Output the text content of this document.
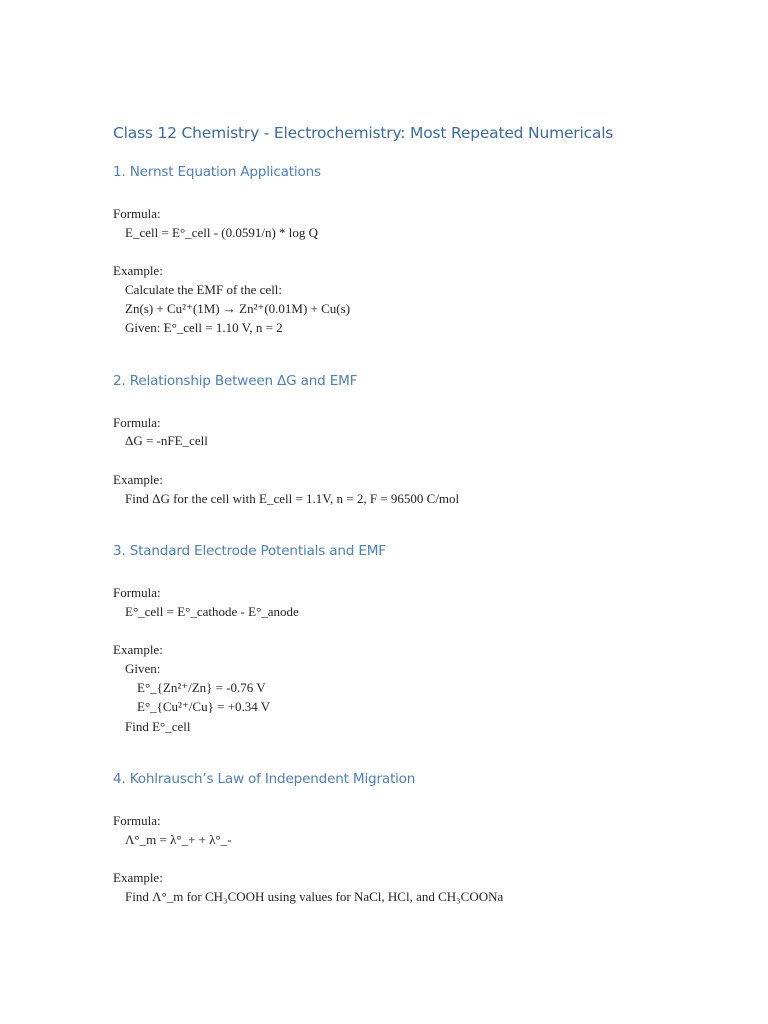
Class 12 Chemistry - Electrochemistry: Most Repeated Numericals
1. Nernst Equation Applications
Formula:
E_cell = E°_cell - (0.0591/n) * log Q
Example:
Calculate the EMF of the cell:
Zn(s) + Cu²⁺(1M) → Zn²⁺(0.01M) + Cu(s)
Given: E°_cell = 1.10 V, n = 2
2. Relationship Between ΔG and EMF
Formula:
ΔG = -nFE_cell
Example:
Find ΔG for the cell with E_cell = 1.1V, n = 2, F = 96500 C/mol
3. Standard Electrode Potentials and EMF
Formula:
E°_cell = E°_cathode - E°_anode
Example:
Given:
E°_{Zn²⁺/Zn} = -0.76 V
E°_{Cu²⁺/Cu} = +0.34 V
Find E°_cell
4. Kohlrausch’s Law of Independent Migration
Formula:
Λ°_m = λ°_+ + λ°_-
Example:
Find Λ°_m for CH₃COOH using values for NaCl, HCl, and CH₃COONa
